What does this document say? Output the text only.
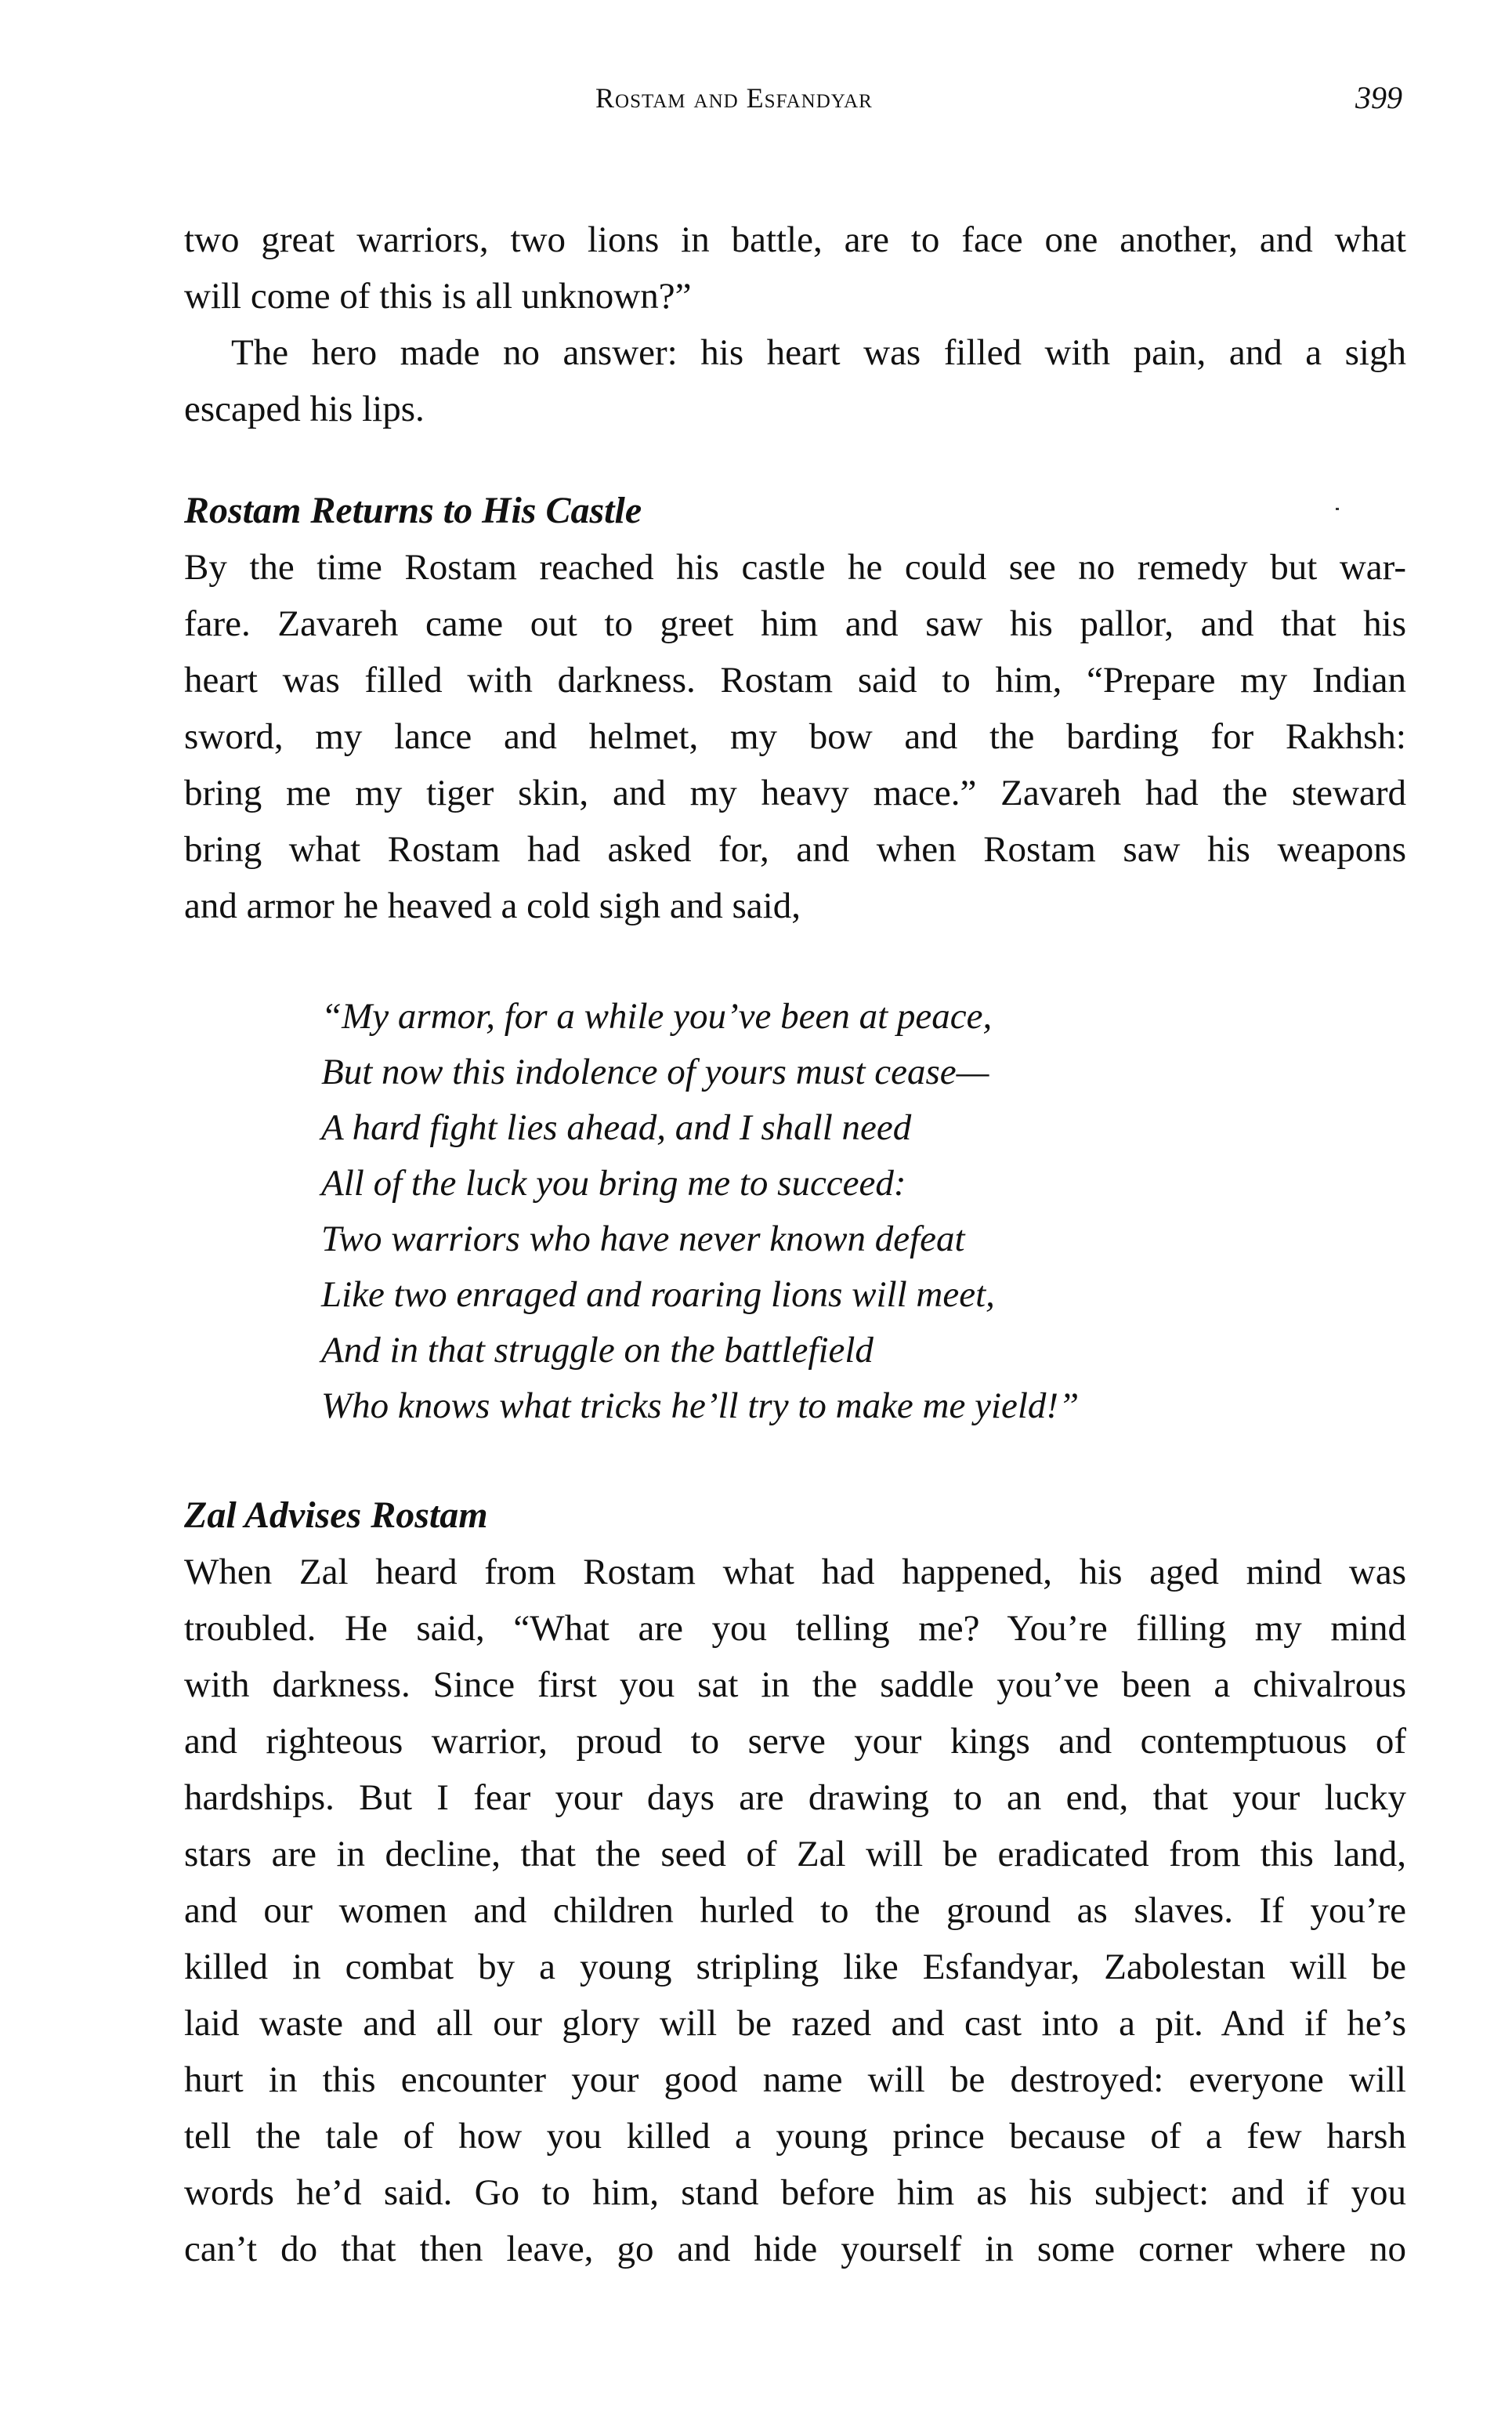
Rostam and Esfandyar	399
two great warriors, two lions in battle, are to face one another, and what
will come of this is all unknown?”
The hero made no answer: his heart was filled with pain, and a sigh
escaped his lips.
Rostam Returns to His Castle
By the time Rostam reached his castle he could see no remedy but war-
fare. Zavareh came out to greet him and saw his pallor, and that his
heart was filled with darkness. Rostam said to him, “Prepare my Indian
sword, my lance and helmet, my bow and the barding for Rakhsh:
bring me my tiger skin, and my heavy mace.” Zavareh had the steward
bring what Rostam had asked for, and when Rostam saw his weapons
and armor he heaved a cold sigh and said,
“My armor, for a while you’ve been at peace,
But now this indolence of yours must cease—
A hard fight lies ahead, and I shall need
All of the luck you bring me to succeed:
Two warriors who have never known defeat
Like two enraged and roaring lions will meet,
And in that struggle on the battlefield
Who knows what tricks he’ll try to make me yield!”
Zal Advises Rostam
When Zal heard from Rostam what had happened, his aged mind was
troubled. He said, “What are you telling me? You’re filling my mind
with darkness. Since first you sat in the saddle you’ve been a chivalrous
and righteous warrior, proud to serve your kings and contemptuous of
hardships. But I fear your days are drawing to an end, that your lucky
stars are in decline, that the seed of Zal will be eradicated from this land,
and our women and children hurled to the ground as slaves. If you’re
killed in combat by a young stripling like Esfandyar, Zabolestan will be
laid waste and all our glory will be razed and cast into a pit. And if he’s
hurt in this encounter your good name will be destroyed: everyone will
tell the tale of how you killed a young prince because of a few harsh
words he’d said. Go to him, stand before him as his subject: and if you
can’t do that then leave, go and hide yourself in some corner where no
